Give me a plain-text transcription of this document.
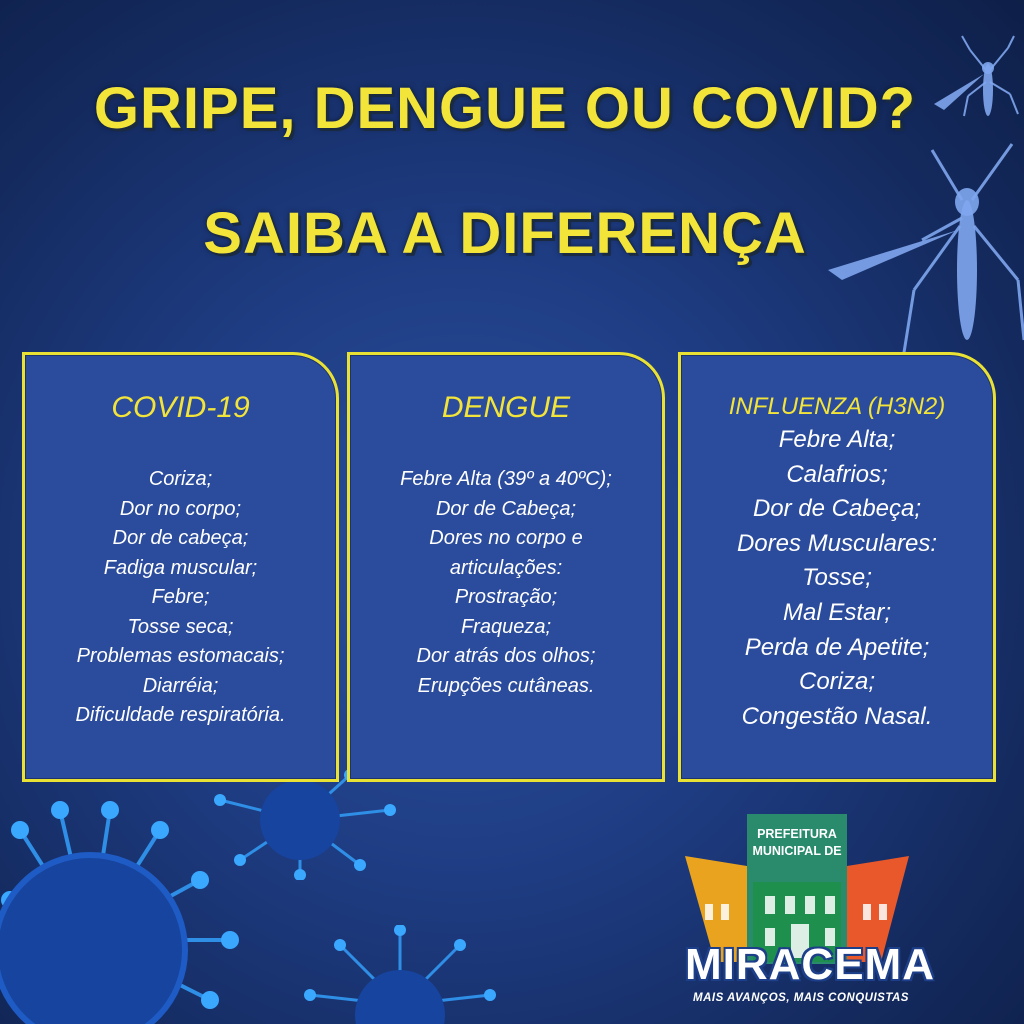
GRIPE, DENGUE OU COVID?
SAIBA A DIFERENÇA
COVID-19
Coriza;
Dor no corpo;
Dor de cabeça;
Fadiga muscular;
Febre;
Tosse seca;
Problemas estomacais;
Diarréia;
Dificuldade respiratória.
DENGUE
Febre Alta (39º a 40ºC);
Dor de Cabeça;
Dores no corpo e
articulações:
Prostração;
Fraqueza;
Dor atrás dos olhos;
Erupções cutâneas.
INFLUENZA (H3N2)
Febre Alta;
Calafrios;
Dor de Cabeça;
Dores Musculares:
Tosse;
Mal Estar;
Perda de Apetite;
Coriza;
Congestão Nasal.
PREFEITURA
MUNICIPAL DE
MIRACEMA
MAIS AVANÇOS, MAIS CONQUISTAS
